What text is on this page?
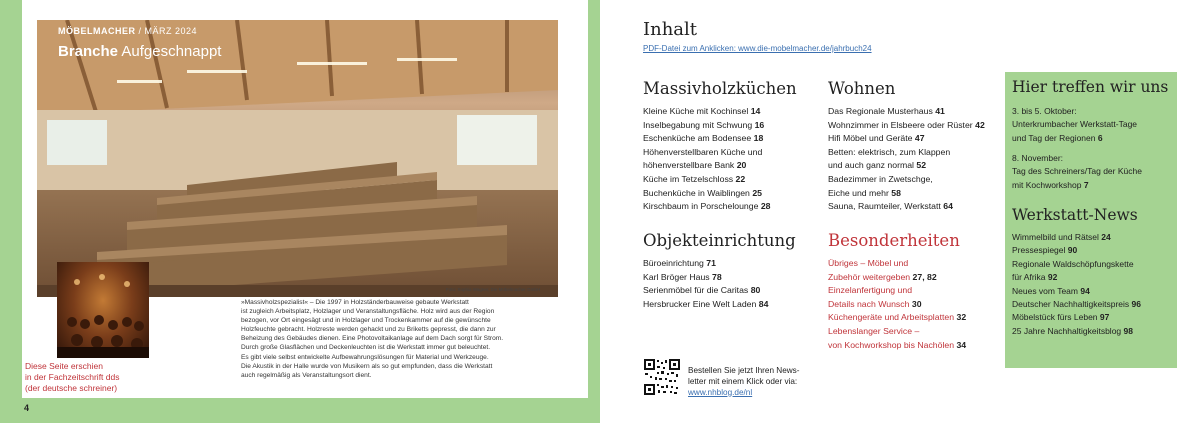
MÖBELMACHER / MÄRZ 2024
Branche Aufgeschnappt
Foto: Sophia Wagner, Die Möbelmacher GmbH

»Massivholzspezialist« – Die 1997 in Holzständerbauweise gebaute Werkstatt

ist zugleich Arbeitsplatz, Holzlager und Veranstaltungsfläche. Holz wird aus der Region

bezogen, vor Ort eingesägt und in Holzlager und Trockenkammer auf die gewünschte

Holzfeuchte gebracht. Holzreste werden gehackt und zu Briketts gepresst, die dann zur

Beheizung des Gebäudes dienen. Eine Photovoltaikanlage auf dem Dach sorgt für Strom.

Durch große Glasflächen und Deckenleuchten ist die Werkstatt immer gut beleuchtet.

Es gibt viele selbst entwickelte Aufbewahrungslösungen für Material und Werkzeuge.

Die Akustik in der Halle wurde von Musikern als so gut empfunden, dass die Werkstatt

auch regelmäßig als Veranstaltungsort dient.

Diese Seite erschien

in der Fachzeitschrift dds

(der deutsche schreiner)

4
Inhalt
PDF-Datei zum Anklicken: www.die-mobelmacher.de/jahrbuch24
Massivholzküchen
Kleine Küche mit Kochinsel 14
Inselbegabung mit Schwung 16
Eschenküche am Bodensee 18
Höhenverstellbaren Küche und
höhenverstellbare Bank 20
Küche im Tetzelschloss 22
Buchenküche in Waiblingen 25
Kirschbaum in Porschelounge 28
Wohnen
Das Regionale Musterhaus 41
Wohnzimmer in Elsbeere oder Rüster 42
Hifi Möbel und Geräte 47
Betten: elektrisch, zum Klappen
und auch ganz normal 52
Badezimmer in Zwetschge,
Eiche und mehr 58
Sauna, Raumteiler, Werkstatt 64
Objekteinrichtung
Büroeinrichtung 71
Karl Bröger Haus 78
Serienmöbel für die Caritas 80
Hersbrucker Eine Welt Laden 84
Besonderheiten
Übriges – Möbel und
Zubehör weitergeben 27, 82
Einzelanfertigung und
Details nach Wunsch 30
Küchengeräte und Arbeitsplatten 32
Lebenslanger Service –
von Kochworkshop bis Nachölen 34
Hier treffen wir uns
3. bis 5. Oktober:
Unterkrumbacher Werkstatt-Tage
und Tag der Regionen 6
8. November:
Tag des Schreiners/Tag der Küche
mit Kochworkshop 7
Werkstatt-News
Wimmelbild und Rätsel 24
Pressespiegel 90
Regionale Waldschöpfungskette
für Afrika 92
Neues vom Team 94
Deutscher Nachhaltigkeitspreis 96
Möbelstück fürs Leben 97
25 Jahre Nachhaltigkeitsblog 98

Bestellen Sie jetzt Ihren News-

letter mit einem Klick oder via:

www.nhblog.de/nl
